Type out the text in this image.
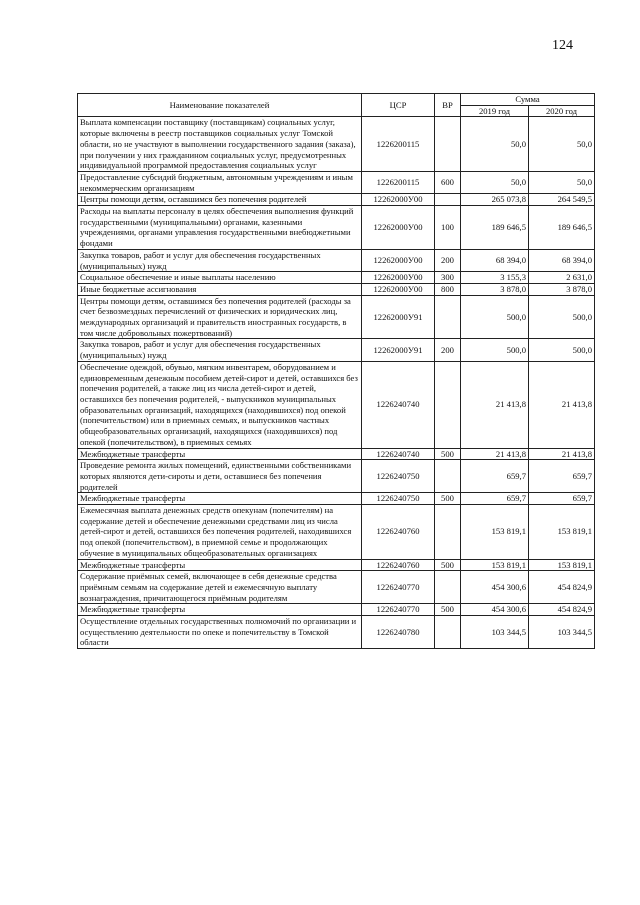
124
Наименование показателей	ЦСР	ВР	Сумма	
			2019 год	2020 год
Выплата компенсации поставщику (поставщикам) социальных услуг, которые включены в реестр поставщиков социальных услуг Томской области, но не участвуют в выполнении государственного задания (заказа), при получении у них гражданином социальных услуг, предусмотренных индивидуальной программой предоставления социальных услуг	1226200115		50,0	50,0
Предоставление субсидий бюджетным, автономным учреждениям и иным некоммерческим организациям	1226200115	600	50,0	50,0
Центры помощи детям, оставшимся без попечения родителей	12262000У00		265 073,8	264 549,5
Расходы на выплаты персоналу в целях обеспечения выполнения функций государственными (муниципальными) органами, казенными учреждениями, органами управления государственными внебюджетными фондами	12262000У00	100	189 646,5	189 646,5
Закупка товаров, работ и услуг для обеспечения государственных (муниципальных) нужд	12262000У00	200	68 394,0	68 394,0
Социальное обеспечение и иные выплаты населению	12262000У00	300	3 155,3	2 631,0
Иные бюджетные ассигнования	12262000У00	800	3 878,0	3 878,0
Центры помощи детям, оставшимся без попечения родителей (расходы за счет безвозмездных перечислений от физических и юридических лиц, международных организаций и правительств иностранных государств, в том числе добровольных пожертвований)	12262000У91		500,0	500,0
Закупка товаров, работ и услуг для обеспечения государственных (муниципальных) нужд	12262000У91	200	500,0	500,0
Обеспечение одеждой, обувью, мягким инвентарем, оборудованием и единовременным денежным пособием детей-сирот и детей, оставшихся без попечения родителей, а также лиц из числа детей-сирот и детей, оставшихся без попечения родителей, - выпускников муниципальных образовательных организаций, находящихся (находившихся) под опекой (попечительством) или в приемных семьях, и выпускников частных общеобразовательных организаций, находящихся (находившихся) под опекой (попечительством), в приемных семьях	1226240740		21 413,8	21 413,8
Межбюджетные трансферты	1226240740	500	21 413,8	21 413,8
Проведение ремонта жилых помещений, единственными собственниками которых являются дети-сироты и дети, оставшиеся без попечения родителей	1226240750		659,7	659,7
Межбюджетные трансферты	1226240750	500	659,7	659,7
Ежемесячная выплата денежных средств опекунам (попечителям) на содержание детей и обеспечение денежными средствами лиц из числа детей-сирот и детей, оставшихся без попечения родителей, находившихся под опекой (попечительством), в приемной семье и продолжающих обучение в муниципальных общеобразовательных организациях	1226240760		153 819,1	153 819,1
Межбюджетные трансферты	1226240760	500	153 819,1	153 819,1
Содержание приёмных семей, включающее в себя денежные средства приёмным семьям на содержание детей и ежемесячную выплату вознаграждения, причитающегося приёмным родителям	1226240770		454 300,6	454 824,9
Межбюджетные трансферты	1226240770	500	454 300,6	454 824,9
Осуществление отдельных государственных полномочий по организации и осуществлению деятельности по опеке и попечительству в Томской области	1226240780		103 344,5	103 344,5
